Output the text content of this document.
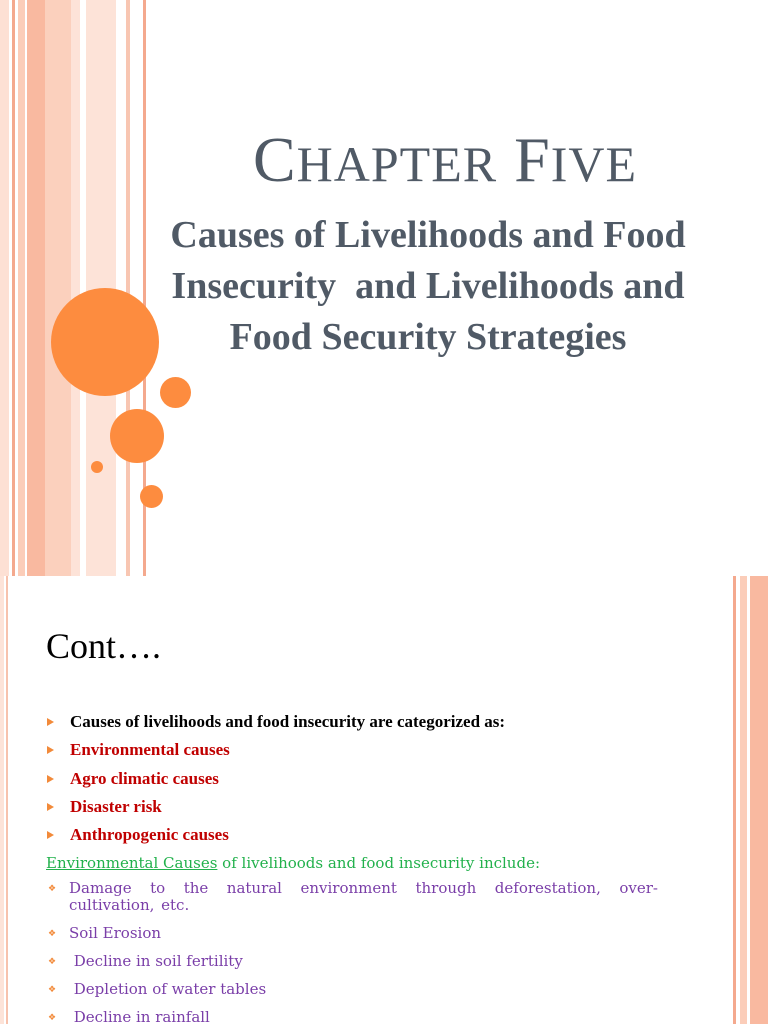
CHAPTER FIVE
Causes of Livelihoods and Food
Insecurity  and Livelihoods and
Food Security Strategies
Cont….
Causes of livelihoods and food insecurity are categorized as:
Environmental causes
Agro climatic causes
Disaster risk
Anthropogenic causes
Environmental Causes of livelihoods and food insecurity include:
❖ Damage to the natural environment through deforestation, over-cultivation, etc.
❖ Soil Erosion
❖ Decline in soil fertility
❖ Depletion of water tables
❖ Decline in rainfall
